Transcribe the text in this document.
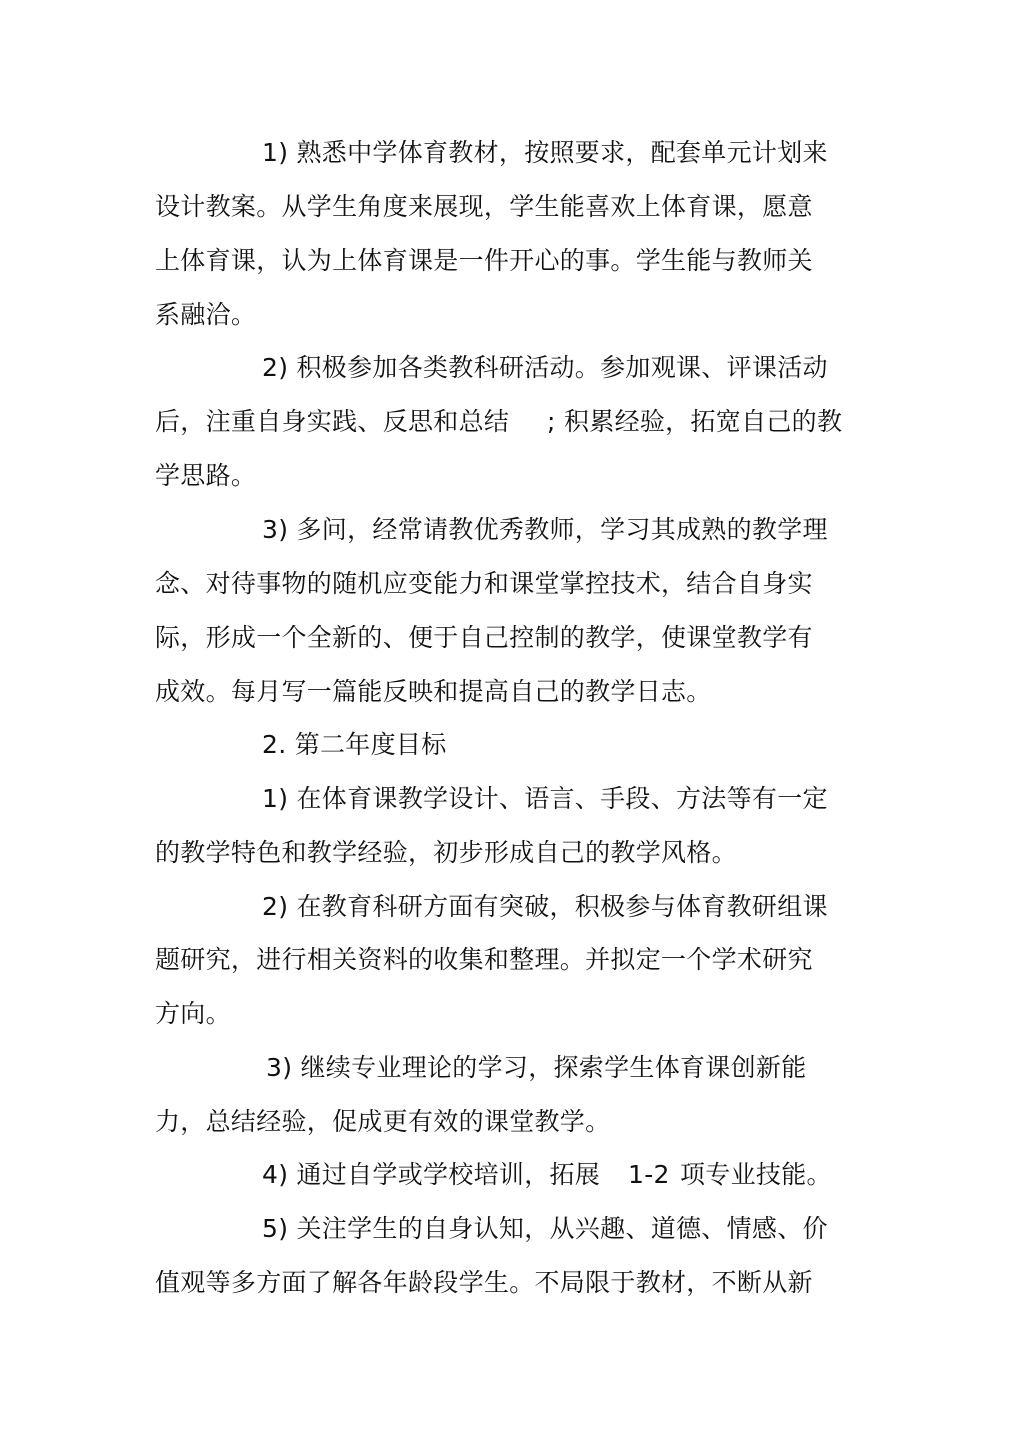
1) 熟悉中学体育教材，按照要求，配套单元计划来
设计教案。从学生角度来展现，学生能喜欢上体育课，愿意
上体育课，认为上体育课是一件开心的事。学生能与教师关
系融洽。
2) 积极参加各类教科研活动。参加观课、评课活动
后，注重自身实践、反思和总结 ; 积累经验，拓宽自己的教
学思路。
3) 多问，经常请教优秀教师，学习其成熟的教学理
念、对待事物的随机应变能力和课堂掌控技术，结合自身实
际，形成一个全新的、便于自己控制的教学，使课堂教学有
成效。每月写一篇能反映和提高自己的教学日志。
2. 第二年度目标
1) 在体育课教学设计、语言、手段、方法等有一定
的教学特色和教学经验，初步形成自己的教学风格。
2) 在教育科研方面有突破，积极参与体育教研组课
题研究，进行相关资料的收集和整理。并拟定一个学术研究
方向。
3) 继续专业理论的学习，探索学生体育课创新能
力，总结经验，促成更有效的课堂教学。
4) 通过自学或学校培训，拓展 1-2 项专业技能。
5) 关注学生的自身认知，从兴趣、道德、情感、价
值观等多方面了解各年龄段学生。不局限于教材，不断从新
